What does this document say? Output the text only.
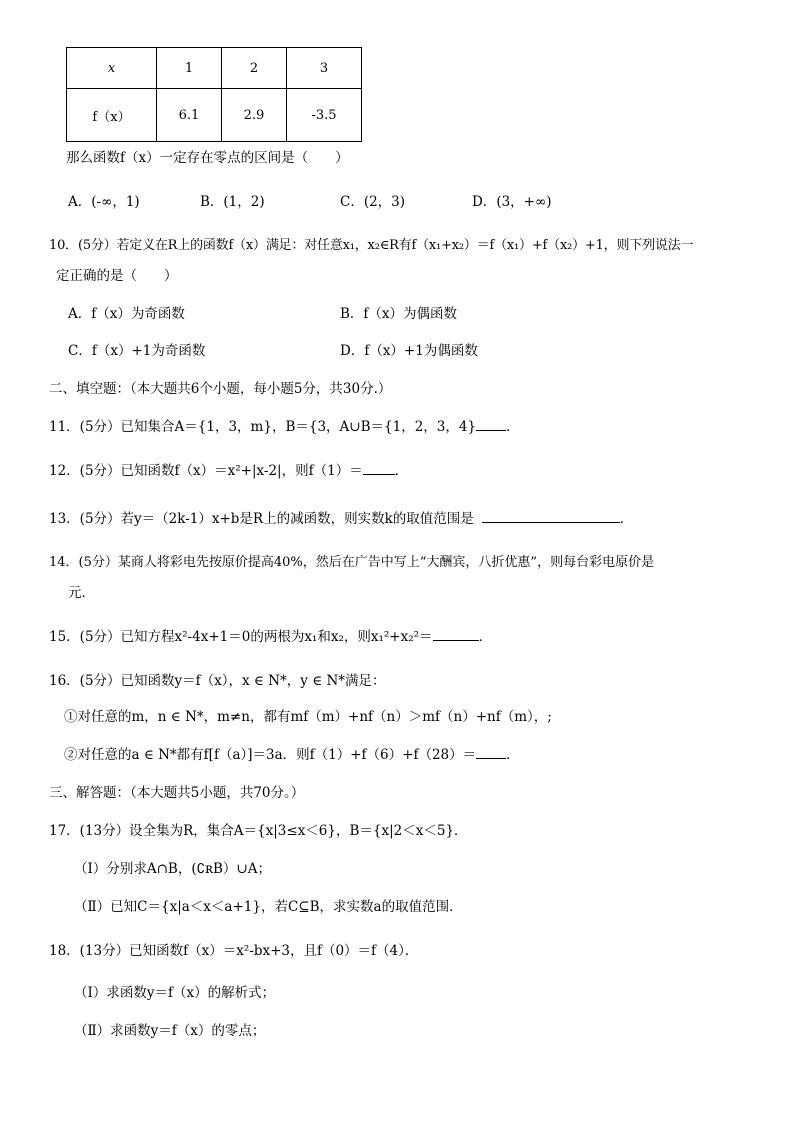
x	1	2	3
f（x）	6.1	2.9	-3.5
那么函数f（x）一定存在零点的区间是（　　）
A．(-∞，1)	B．(1，2)	C．(2，3)	D．(3，+∞)
10．(5分）若定义在R上的函数f（x）满足：对任意x₁，x₂∈R有f（x₁+x₂）＝f（x₁）+f（x₂）+1，则下列说法一
定正确的是（　　）
A．f（x）为奇函数	B．f（x）为偶函数
C．f（x）+1为奇函数	D．f（x）+1为偶函数
二、填空题：（本大题共6个小题，每小题5分，共30分.）
11．(5分）已知集合A＝{1，3，m}，B＝{3，A∪B＝{1，2，3，4} ．
12．(5分）已知函数f（x）＝x²+|x-2|，则f（1）＝ ．
13．(5分）若y＝（2k-1）x+b是R上的减函数，则实数k的取值范围是	．
14．(5分）某商人将彩电先按原价提高40%，然后在广告中写上“大酬宾，八折优惠”，则每台彩电原价是
元．
15．(5分）已知方程x²-4x+1＝0的两根为x₁和x₂，则x₁²+x₂²＝	．
16．(5分）已知函数y＝f（x），x ∈ N*，y ∈ N*满足：
①对任意的m，n ∈ N*，m≠n，都有mf（m）+nf（n）＞mf（n）+nf（m），;
②对任意的a ∈ N*都有f[f（a）]＝3a．则f（1）+f（6）+f（28）＝ ．
三、解答题：（本大题共5小题，共70分。）
17．(13分）设全集为R，集合A＝{x|3≤x＜6}，B＝{x|2＜x＜5}．
（Ⅰ）分别求A∩B，(∁ʀB）∪A；
（Ⅱ）已知C＝{x|a＜x＜a+1}，若C⊆B，求实数a的取值范围．
18．(13分）已知函数f（x）＝x²-bx+3，且f（0）＝f（4）．
（Ⅰ）求函数y＝f（x）的解析式；
（Ⅱ）求函数y＝f（x）的零点；
